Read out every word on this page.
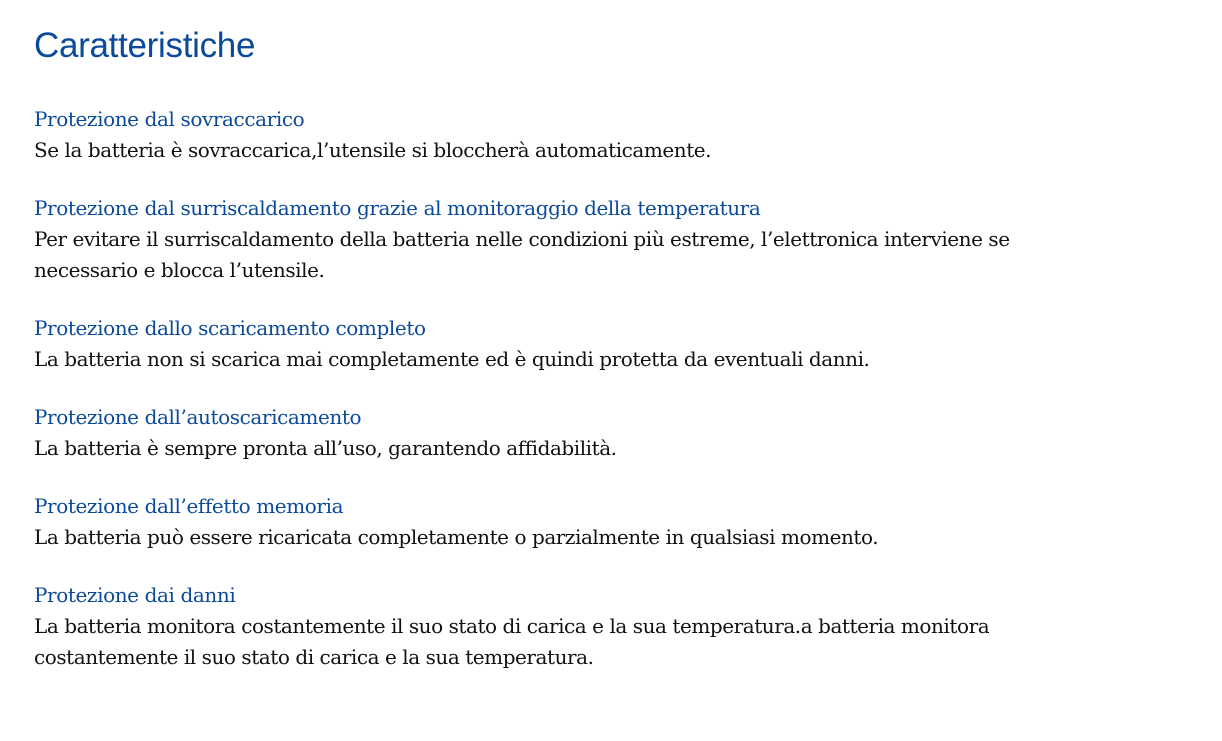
Caratteristiche

Protezione dal sovraccarico

Se la batteria è sovraccarica,l’utensile si bloccherà automaticamente.

Protezione dal surriscaldamento grazie al monitoraggio della temperatura

Per evitare il surriscaldamento della batteria nelle condizioni più estreme, l’elettronica interviene se necessario e blocca l’utensile.

Protezione dallo scaricamento completo

La batteria non si scarica mai completamente ed è quindi protetta da eventuali danni.

Protezione dall’autoscaricamento

La batteria è sempre pronta all’uso, garantendo affidabilità.

Protezione dall’effetto memoria

La batteria può essere ricaricata completamente o parzialmente in qualsiasi momento.

Protezione dai danni

La batteria monitora costantemente il suo stato di carica e la sua temperatura.a batteria monitora costantemente il suo stato di carica e la sua temperatura.
